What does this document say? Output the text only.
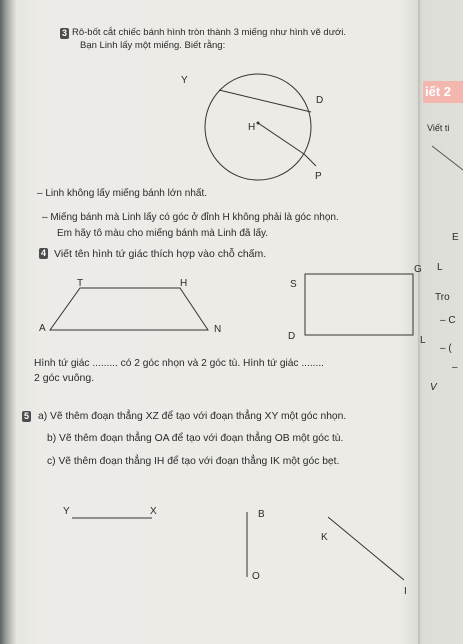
3 Rô-bốt cắt chiếc bánh hình tròn thành 3 miếng như hình vẽ dưới.
Bạn Linh lấy một miếng. Biết rằng:
Y
D
H
P
T	H
A	N
G
S
D	L
Y	X	B
O
K
I
– Linh không lấy miếng bánh lớn nhất.
– Miếng bánh mà Linh lấy có góc ở đỉnh H không phải là góc nhọn.
Em hãy tô màu cho miếng bánh mà Linh đã lấy.
4 Viết tên hình tứ giác thích hợp vào chỗ chấm.
Hình tứ giác ......... có 2 góc nhọn và 2 góc tù. Hình tứ giác ........
2 góc vuông.
5 a) Vẽ thêm đoạn thẳng XZ để tạo với đoạn thẳng XY một góc nhọn.
b) Vẽ thêm đoạn thẳng OA để tạo với đoạn thẳng OB một góc tù.
c) Vẽ thêm đoạn thẳng IH để tạo với đoạn thẳng IK một góc bẹt.
iết 2
Viết ti
E
L
Tro
– C
– (
–
V
